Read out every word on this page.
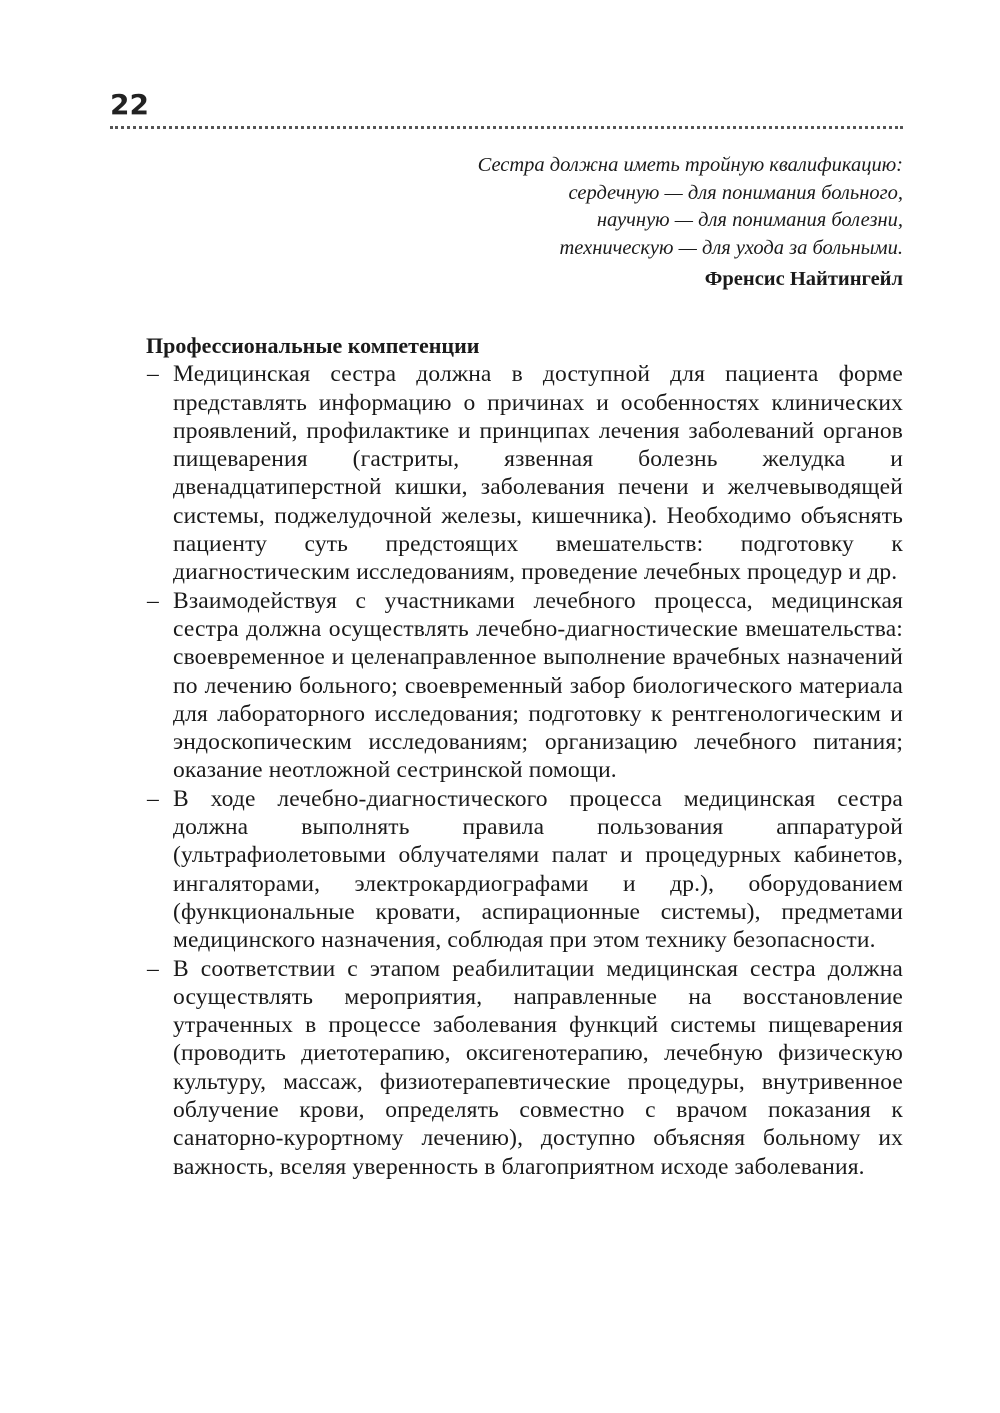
22
Сестра должна иметь тройную квалификацию:
сердечную — для понимания больного,
научную — для понимания болезни,
техническую — для ухода за больными.
Френсис Найтингейл
Профессиональные компетенции
– Медицинская сестра должна в доступной для пациента форме представлять информацию о причинах и особенностях клинических проявлений, профилактике и принципах лечения заболеваний органов пищеварения (гастриты, язвенная болезнь желудка и двенадцатиперстной кишки, заболевания печени и желчевыводящей системы, поджелудочной железы, кишечника). Необходимо объяснять пациенту суть предстоящих вмешательств: подготовку к диагностическим исследованиям, проведение лечебных процедур и др.
– Взаимодействуя с участниками лечебного процесса, медицинская сестра должна осуществлять лечебно-диагностические вмешательства: своевременное и целенаправленное выполнение врачебных назначений по лечению больного; своевременный забор биологического материала для лабораторного исследования; подготовку к рентгенологическим и эндоскопическим исследованиям; организацию лечебного питания; оказание неотложной сестринской помощи.
– В ходе лечебно-диагностического процесса медицинская сестра должна выполнять правила пользования аппаратурой (ультрафиолетовыми облучателями палат и процедурных кабинетов, ингаляторами, электрокардиографами и др.), оборудованием (функциональные кровати, аспирационные системы), предметами медицинского назначения, соблюдая при этом технику безопасности.
– В соответствии с этапом реабилитации медицинская сестра должна осуществлять мероприятия, направленные на восстановление утраченных в процессе заболевания функций системы пищеварения (проводить диетотерапию, оксигенотерапию, лечебную физическую культуру, массаж, физиотерапевтические процедуры, внутривенное облучение крови, определять совместно с врачом показания к санаторно-курортному лечению), доступно объясняя больному их важность, вселяя уверенность в благоприятном исходе заболевания.
